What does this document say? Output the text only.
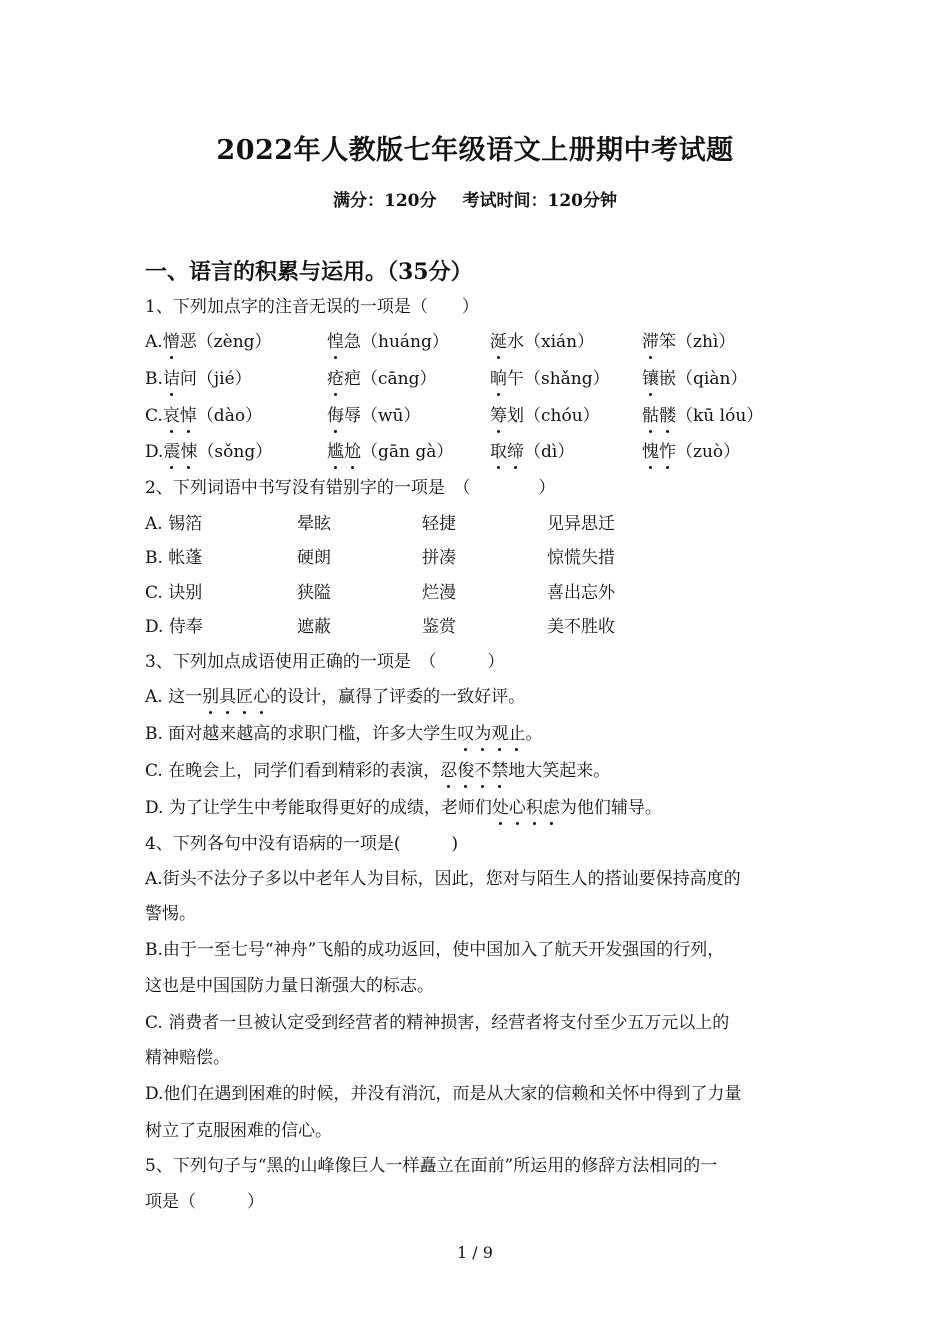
2022年人教版七年级语文上册期中考试题
满分：120分 考试时间：120分钟
一、语言的积累与运用。（35分）
1、下列加点字的注音无误的一项是（　　）
A.憎恶（zèng）	惶急（huáng） 涎水（xián）	滞笨（zhì）
B.诘问（jié）	疮疤（cāng）	晌午（shǎng） 镶嵌（qiàn）
C.哀悼（dào）	侮辱（wū）	筹划（chóu） 骷髅（kū lóu）
D.震悚（sǒng）	尴尬（gān gà） 取缔（dì）	愧怍（zuò）
2、下列词语中书写没有错别字的一项是　（　　　　）
A. 锡箔	晕眩	轻捷	见异思迁
B. 帐蓬	硬朗	拼凑	惊慌失措
C. 诀别	狭隘	烂漫	喜出忘外
D. 侍奉	遮蔽	鉴赏	美不胜收
3、下列加点成语使用正确的一项是　（　　　）
A. 这一别具匠心的设计，赢得了评委的一致好评。
B. 面对越来越高的求职门槛，许多大学生叹为观止。
C. 在晚会上，同学们看到精彩的表演，忍俊不禁地大笑起来。
D. 为了让学生中考能取得更好的成绩，老师们处心积虑为他们辅导。
4、下列各句中没有语病的一项是(　　　)
A.街头不法分子多以中老年人为目标，因此，您对与陌生人的搭讪要保持高度的
警惕。
B.由于一至七号“神舟”飞船的成功返回，使中国加入了航天开发强国的行列，
这也是中国国防力量日渐强大的标志。
C. 消费者一旦被认定受到经营者的精神损害，经营者将支付至少五万元以上的
精神赔偿。
D.他们在遇到困难的时候，并没有消沉，而是从大家的信赖和关怀中得到了力量
树立了克服困难的信心。
5、下列句子与“黑的山峰像巨人一样矗立在面前”所运用的修辞方法相同的一
项是（　　　）
1 / 9
